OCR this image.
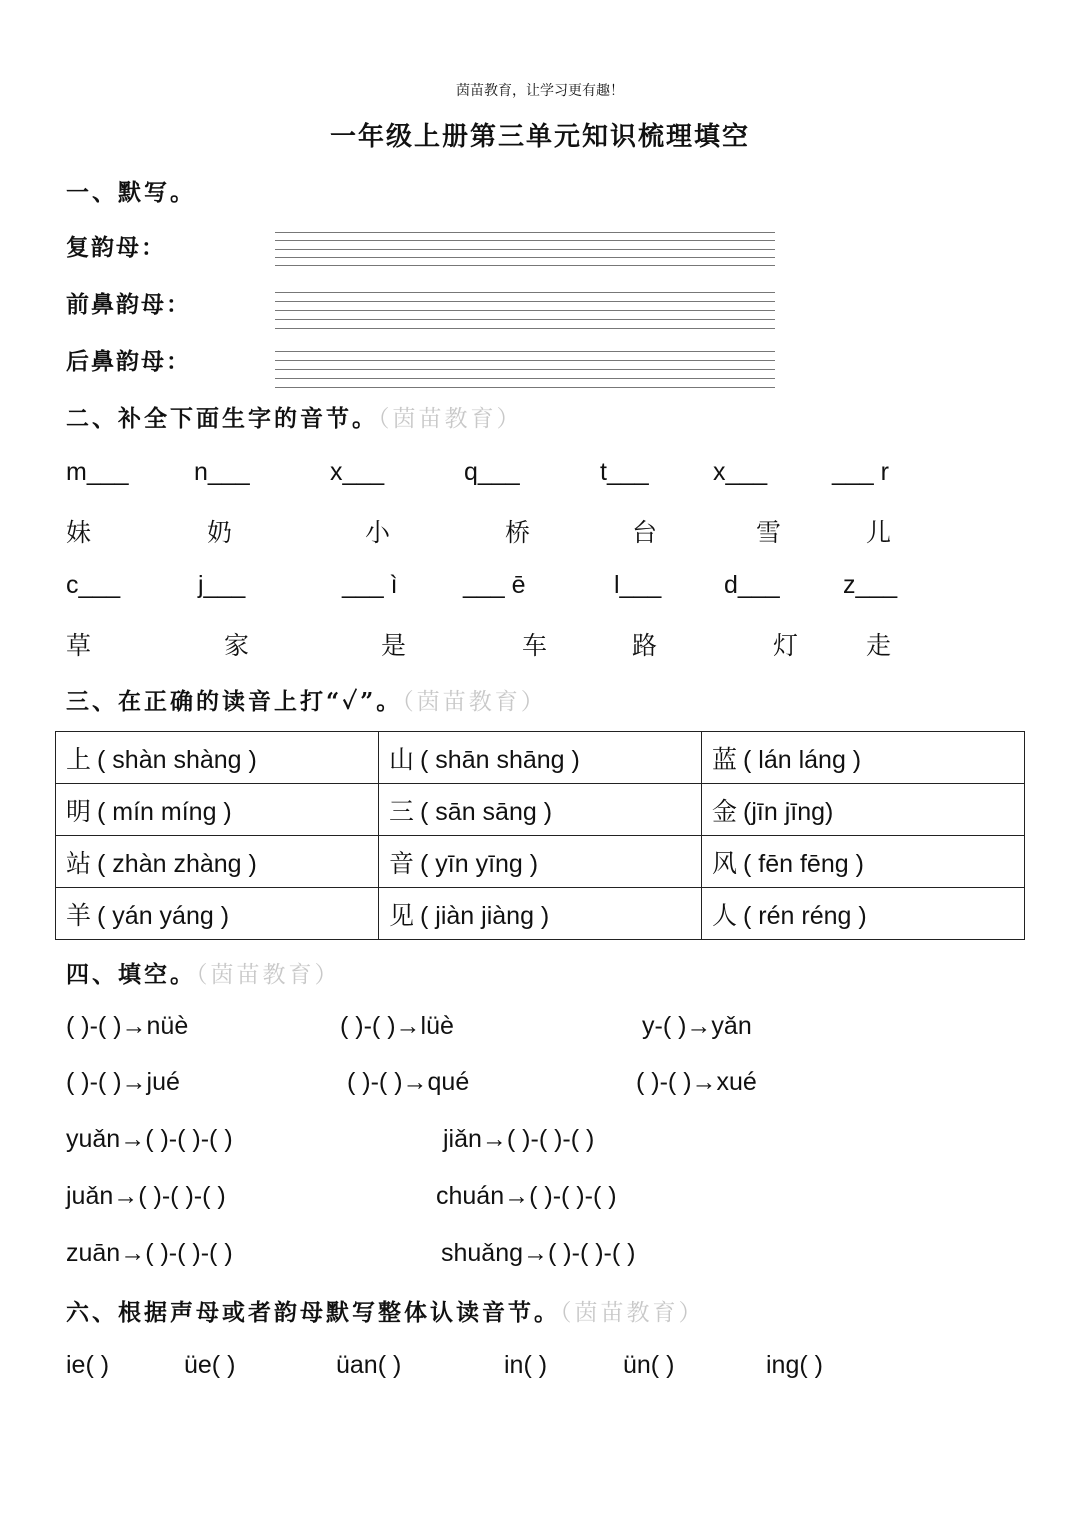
茵苗教育，让学习更有趣！
一年级上册第三单元知识梳理填空
一、默写。
复韵母：
前鼻韵母：
后鼻韵母：
二、补全下面生字的音节。（茵苗教育）
m___	n___	x___	q___	t___	x___	___ r
妹	奶	小	桥	台	雪	儿
c___	j___	___ ì	___ ē	l___	d___	z___
草	家	是	车	路	灯	走
三、在正确的读音上打“✓”。（茵苗教育）
上 ( shàn shàng )	山 ( shān shāng )	蓝 ( lán láng )
明 ( mín míng )	三 ( sān sāng )	金 (jīn jīng)
站 ( zhàn zhàng )	音 ( yīn yīng )	风 ( fēn fēng )
羊 ( yán yáng )	见 ( jiàn jiàng )	人 ( rén réng )
四、填空。（茵苗教育）
( )-( )→nüè	( )-( )→lüè	y-( )→yǎn
( )-( )→jué	( )-( )→qué	( )-( )→xué
yuǎn→( )-( )-( )	jiǎn→( )-( )-( )
juǎn→( )-( )-( )	chuán→( )-( )-( )
zuān→( )-( )-( )	shuǎng→( )-( )-( )
六、根据声母或者韵母默写整体认读音节。（茵苗教育）
ie( )	üe( )	üan( )	in( )	ün( )	ing( )
